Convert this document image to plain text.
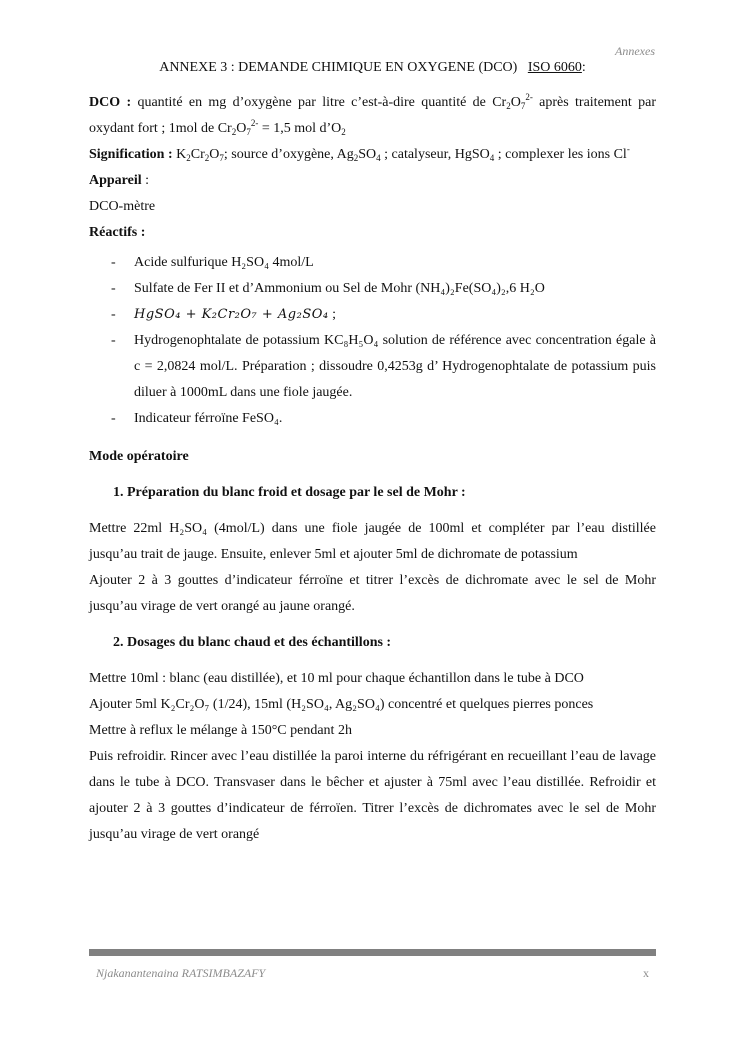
Annexes
ANNEXE 3 : DEMANDE CHIMIQUE EN OXYGENE (DCO) ISO 6060:

DCO : quantité en mg d’oxygène par litre c’est-à-dire quantité de $Cr_2O_7^{2-}$ après traitement par oxydant fort ; 1mol de $Cr_2O_7^{2-} = 1,5$ mol $d’O_2$

Signification : $K_2Cr_2O_7$; source d’oxygène, $Ag_2SO_4$ ; catalyseur, HgSO$_4$ ; complexer les ions Cl-

Appareil :

DCO-mètre

Réactifs :

- Acide sulfurique H₂SO₄ 4mol/L
- Sulfate de Fer II et d’Ammonium ou Sel de Mohr (NH₄)₂Fe(SO₄)₂,6 H₂O
- HgSO₄ + K₂Cr₂O₇ + Ag₂SO₄ ;
- Hydrogenophtalate de potassium KC₈H₅O₄ solution de référence avec concentration égale à c = 2,0824 mol/L. Préparation ; dissoudre 0,4253g d’ Hydrogenophtalate de potassium puis diluer à 1000mL dans une fiole jaugée.
- Indicateur férroïne FeSO₄.

Mode opératoire

1. Préparation du blanc froid et dosage par le sel de Mohr :

Mettre 22ml H₂SO₄ (4mol/L) dans une fiole jaugée de 100ml et compléter par l’eau distillée jusqu’au trait de jauge. Ensuite, enlever 5ml et ajouter 5ml de dichromate de potassium

Ajouter 2 à 3 gouttes d’indicateur férroïne et titrer l’excès de dichromate avec le sel de Mohr jusqu’au virage de vert orangé au jaune orangé.

2. Dosages du blanc chaud et des échantillons :

Mettre 10ml : blanc (eau distillée), et 10 ml pour chaque échantillon dans le tube à DCO

Ajouter 5ml K₂Cr₂O₇ (1/24), 15ml (H₂SO₄, Ag₂SO₄) concentré et quelques pierres ponces

Mettre à reflux le mélange à 150°C pendant 2h

Puis refroidir. Rincer avec l’eau distillée la paroi interne du réfrigérant en recueillant l’eau de lavage dans le tube à DCO. Transvaser dans le bêcher et ajuster à 75ml avec l’eau distillée. Refroidir et ajouter 2 à 3 gouttes d’indicateur de férroïen. Titrer l’excès de dichromates avec le sel de Mohr jusqu’au virage de vert orangé

Njakanantenaina RATSIMBAZAFY	x
